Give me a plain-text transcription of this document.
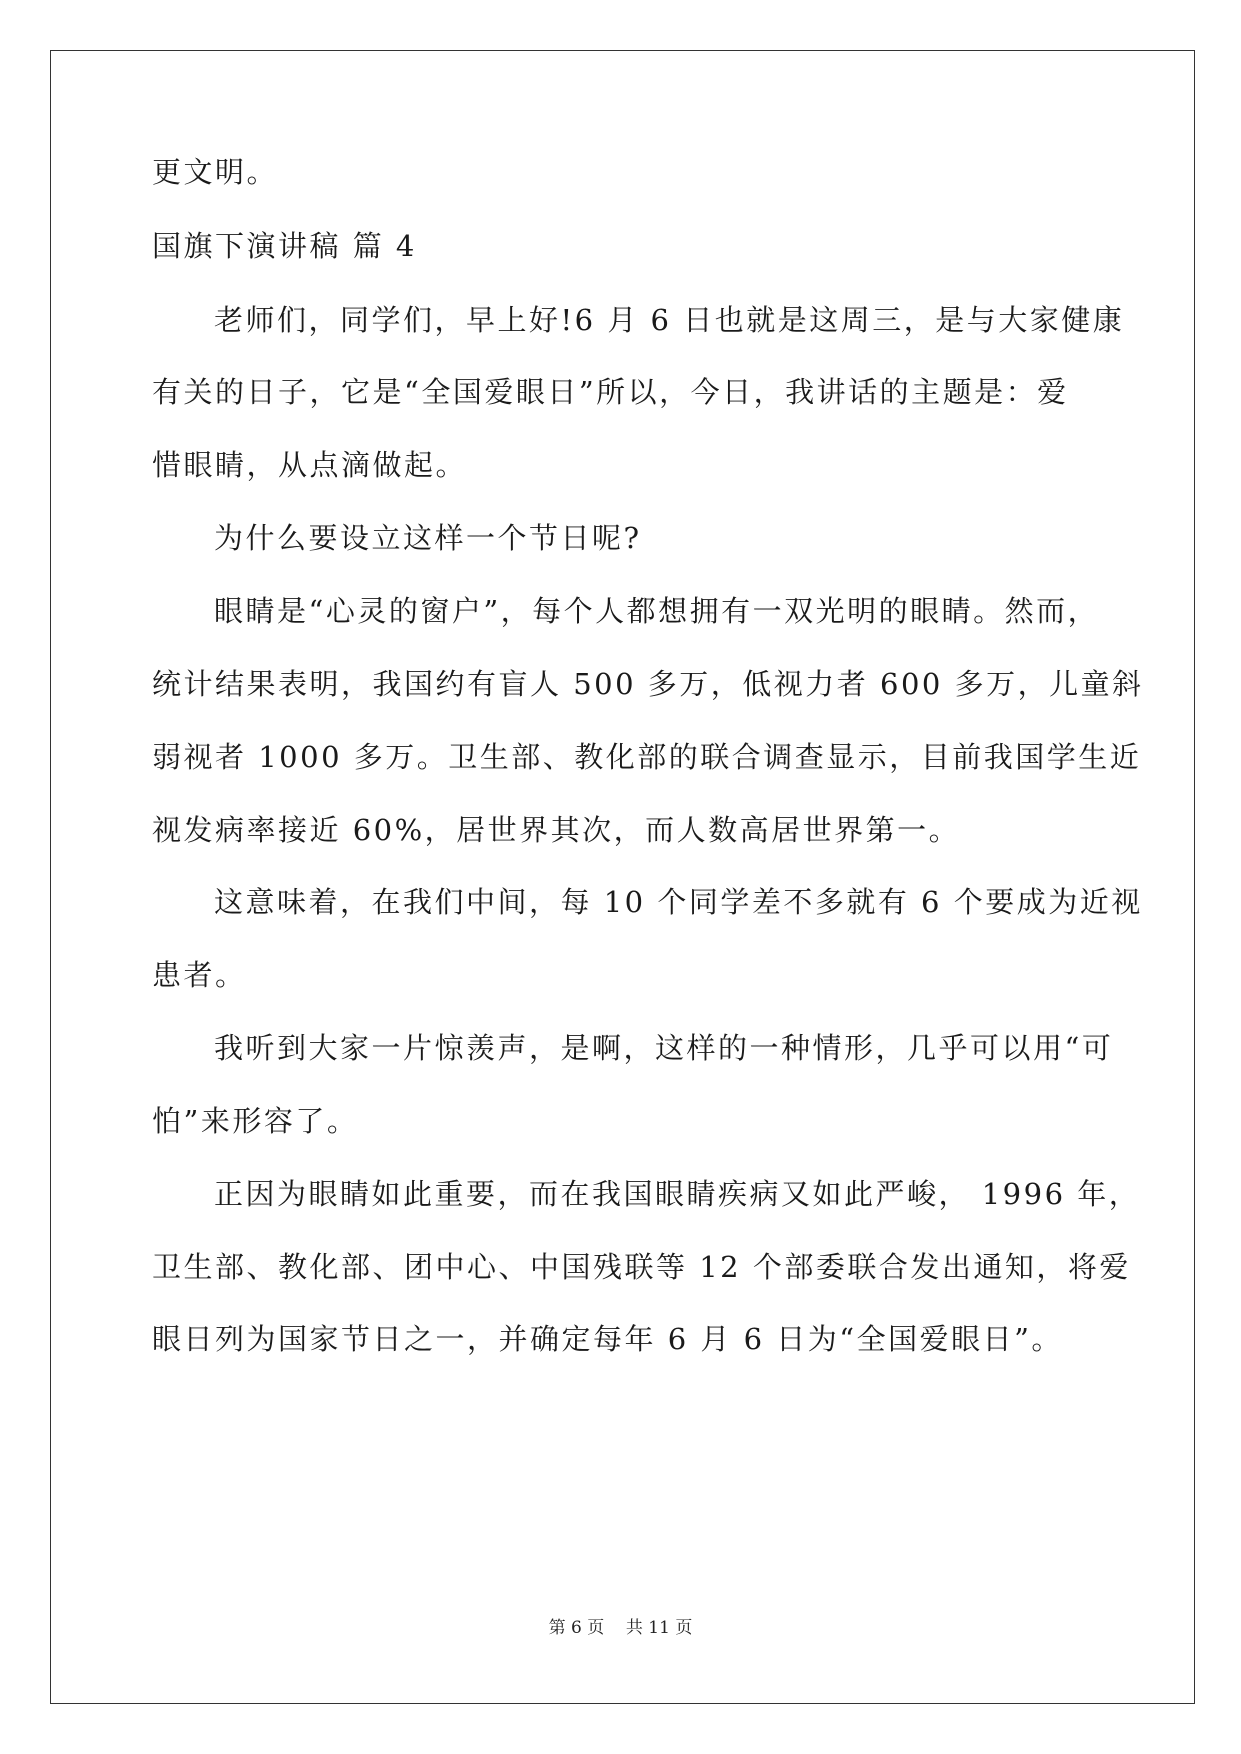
更文明。
国旗下演讲稿 篇 4
老师们，同学们，早上好!6 月 6 日也就是这周三，是与大家健康
有关的日子，它是“全国爱眼日”所以，今日，我讲话的主题是：爱
惜眼睛，从点滴做起。
为什么要设立这样一个节日呢?
眼睛是“心灵的窗户”，每个人都想拥有一双光明的眼睛。然而，
统计结果表明，我国约有盲人 500 多万，低视力者 600 多万，儿童斜
弱视者 1000 多万。卫生部、教化部的联合调查显示，目前我国学生近
视发病率接近 60%，居世界其次，而人数高居世界第一。
这意味着，在我们中间，每 10 个同学差不多就有 6 个要成为近视
患者。
我听到大家一片惊羡声，是啊，这样的一种情形，几乎可以用“可
怕”来形容了。
正因为眼睛如此重要，而在我国眼睛疾病又如此严峻， 1996 年，
卫生部、教化部、团中心、中国残联等 12 个部委联合发出通知，将爱
眼日列为国家节日之一，并确定每年 6 月 6 日为“全国爱眼日”。
第 6 页 共 11 页
